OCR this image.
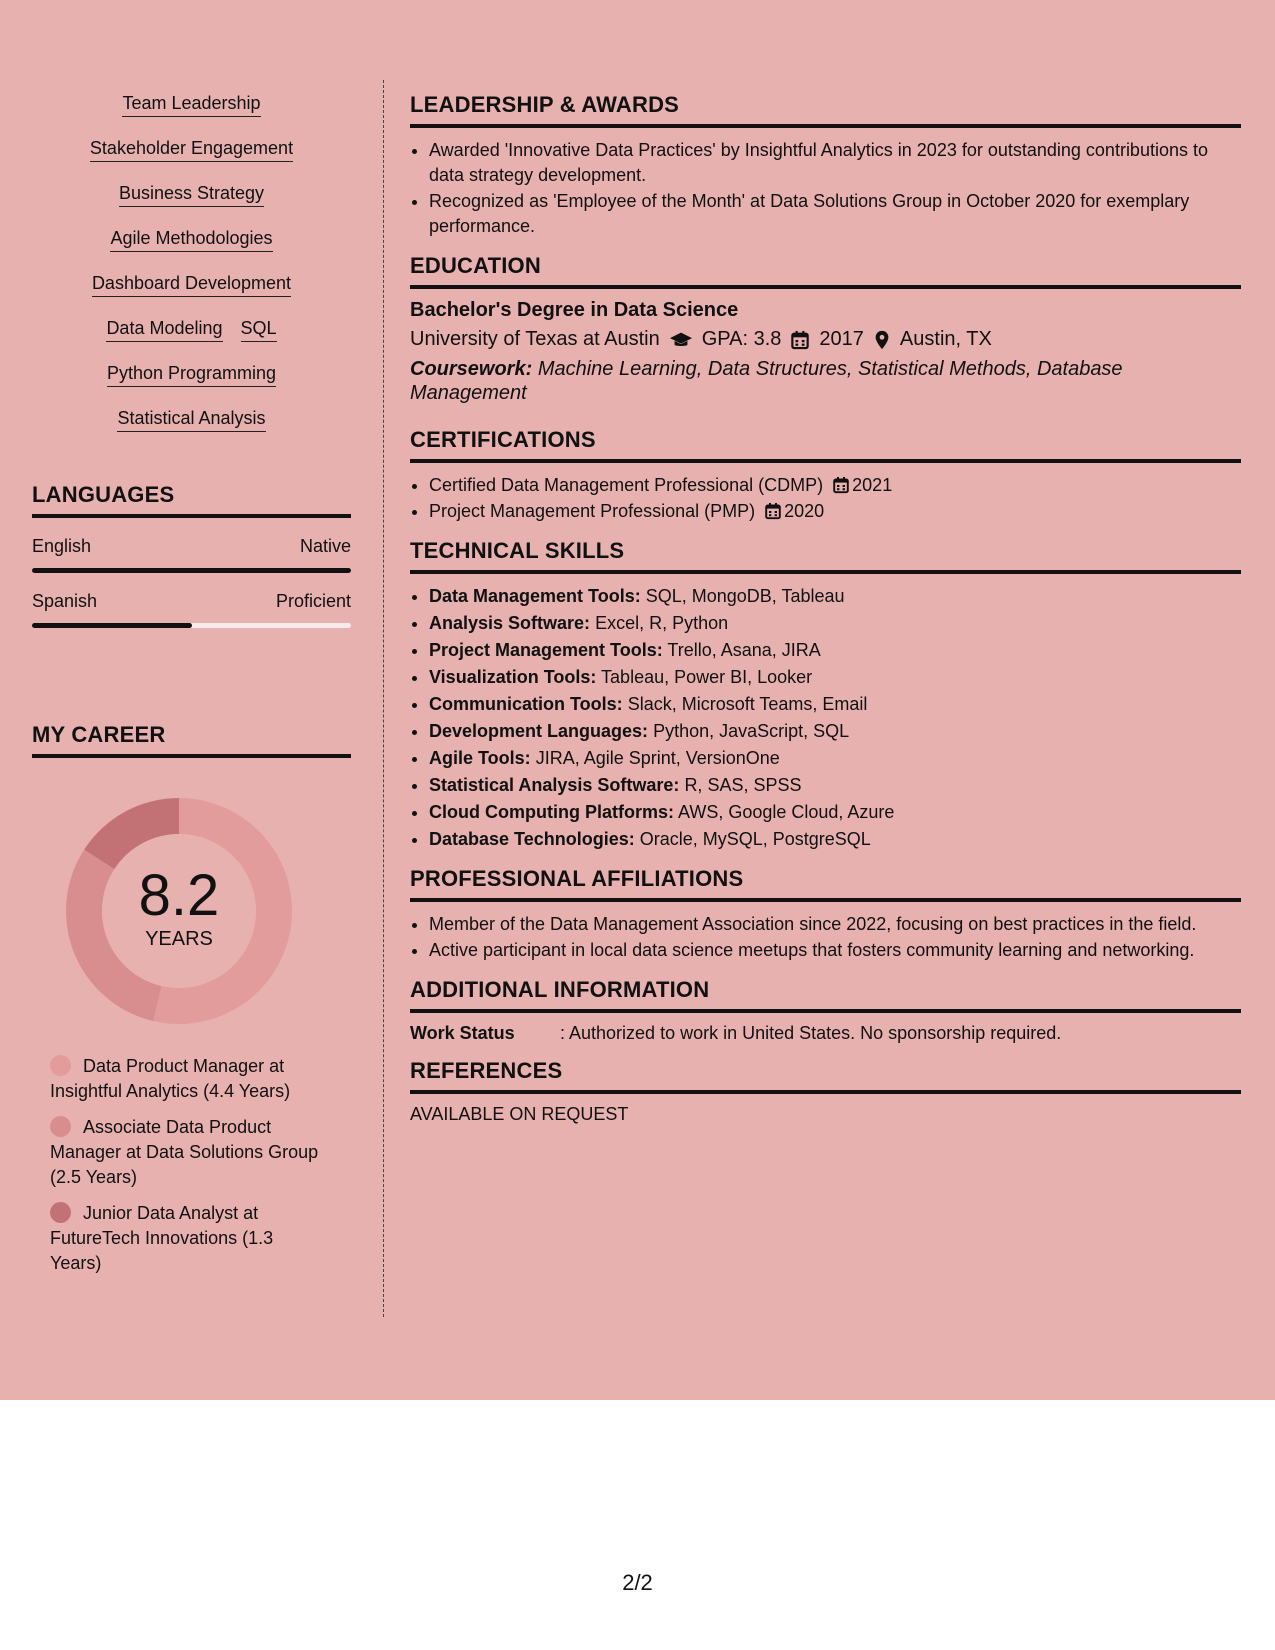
Team Leadership
Stakeholder Engagement
Business Strategy
Agile Methodologies
Dashboard Development
Data Modeling SQL
Python Programming
Statistical Analysis
LANGUAGES
English	Native
Spanish	Proficient
MY CAREER
8.2
YEARS
Data Product Manager at Insightful Analytics (4.4 Years)
Associate Data Product Manager at Data Solutions Group (2.5 Years)
Junior Data Analyst at FutureTech Innovations (1.3 Years)
LEADERSHIP & AWARDS
• Awarded 'Innovative Data Practices' by Insightful Analytics in 2023 for outstanding contributions to data strategy development.
• Recognized as 'Employee of the Month' at Data Solutions Group in October 2020 for exemplary performance.
EDUCATION
Bachelor's Degree in Data Science
University of Texas at Austin GPA: 3.8 2017 Austin, TX
Coursework: Machine Learning, Data Structures, Statistical Methods, Database Management
CERTIFICATIONS
• Certified Data Management Professional (CDMP) 2021
• Project Management Professional (PMP) 2020
TECHNICAL SKILLS
• Data Management Tools: SQL, MongoDB, Tableau
• Analysis Software: Excel, R, Python
• Project Management Tools: Trello, Asana, JIRA
• Visualization Tools: Tableau, Power BI, Looker
• Communication Tools: Slack, Microsoft Teams, Email
• Development Languages: Python, JavaScript, SQL
• Agile Tools: JIRA, Agile Sprint, VersionOne
• Statistical Analysis Software: R, SAS, SPSS
• Cloud Computing Platforms: AWS, Google Cloud, Azure
• Database Technologies: Oracle, MySQL, PostgreSQL
PROFESSIONAL AFFILIATIONS
• Member of the Data Management Association since 2022, focusing on best practices in the field.
• Active participant in local data science meetups that fosters community learning and networking.
ADDITIONAL INFORMATION
Work Status	: Authorized to work in United States. No sponsorship required.
REFERENCES
AVAILABLE ON REQUEST
2/2
